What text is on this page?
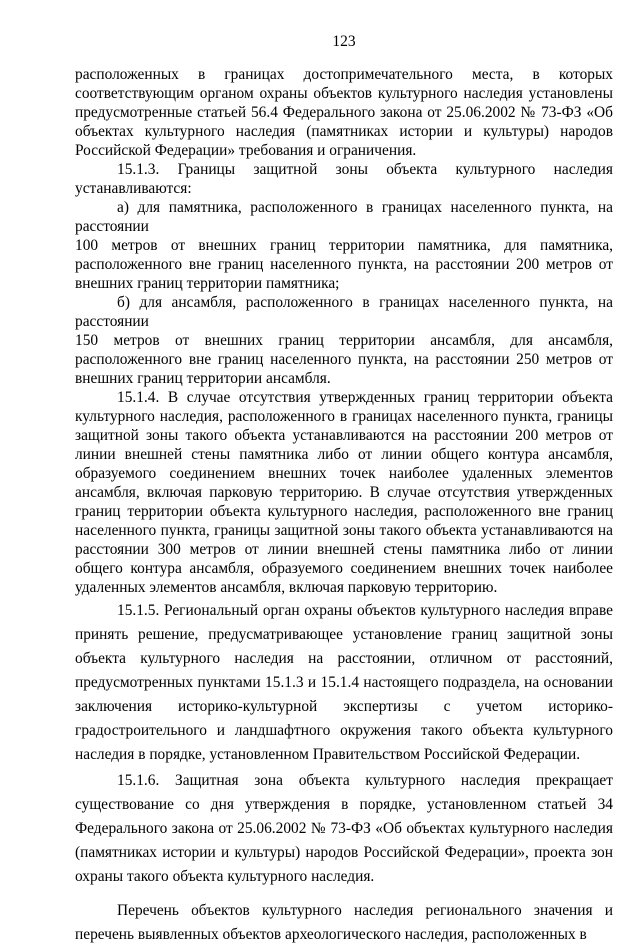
123

расположенных в границах достопримечательного места, в которых соответствующим органом охраны объектов культурного наследия установлены предусмотренные статьей 56.4 Федерального закона от 25.06.2002 № 73-ФЗ «Об объектах культурного наследия (памятниках истории и культуры) народов Российской Федерации» требования и ограничения.

15.1.3. Границы защитной зоны объекта культурного наследия устанавливаются:

а) для памятника, расположенного в границах населенного пункта, на расстоянии

100 метров от внешних границ территории памятника, для памятника, расположенного вне границ населенного пункта, на расстоянии 200 метров от внешних границ территории памятника;

б) для ансамбля, расположенного в границах населенного пункта, на расстоянии

150 метров от внешних границ территории ансамбля, для ансамбля, расположенного вне границ населенного пункта, на расстоянии 250 метров от внешних границ территории ансамбля.

15.1.4. В случае отсутствия утвержденных границ территории объекта культурного наследия, расположенного в границах населенного пункта, границы защитной зоны такого объекта устанавливаются на расстоянии 200 метров от линии внешней стены памятника либо от линии общего контура ансамбля, образуемого соединением внешних точек наиболее удаленных элементов ансамбля, включая парковую территорию. В случае отсутствия утвержденных границ территории объекта культурного наследия, расположенного вне границ населенного пункта, границы защитной зоны такого объекта устанавливаются на расстоянии 300 метров от линии внешней стены памятника либо от линии общего контура ансамбля, образуемого соединением внешних точек наиболее удаленных элементов ансамбля, включая парковую территорию.

15.1.5. Региональный орган охраны объектов культурного наследия вправе принять решение, предусматривающее установление границ защитной зоны объекта культурного наследия на расстоянии, отличном от расстояний, предусмотренных пунктами 15.1.3 и 15.1.4 настоящего подраздела, на основании заключения историко-культурной экспертизы с учетом историко-градостроительного и ландшафтного окружения такого объекта культурного наследия в порядке, установленном Правительством Российской Федерации.

15.1.6. Защитная зона объекта культурного наследия прекращает существование со дня утверждения в порядке, установленном статьей 34 Федерального закона от 25.06.2002 № 73-ФЗ «Об объектах культурного наследия (памятниках истории и культуры) народов Российской Федерации», проекта зон охраны такого объекта культурного наследия.

Перечень объектов культурного наследия регионального значения и перечень выявленных объектов археологического наследия, расположенных в
